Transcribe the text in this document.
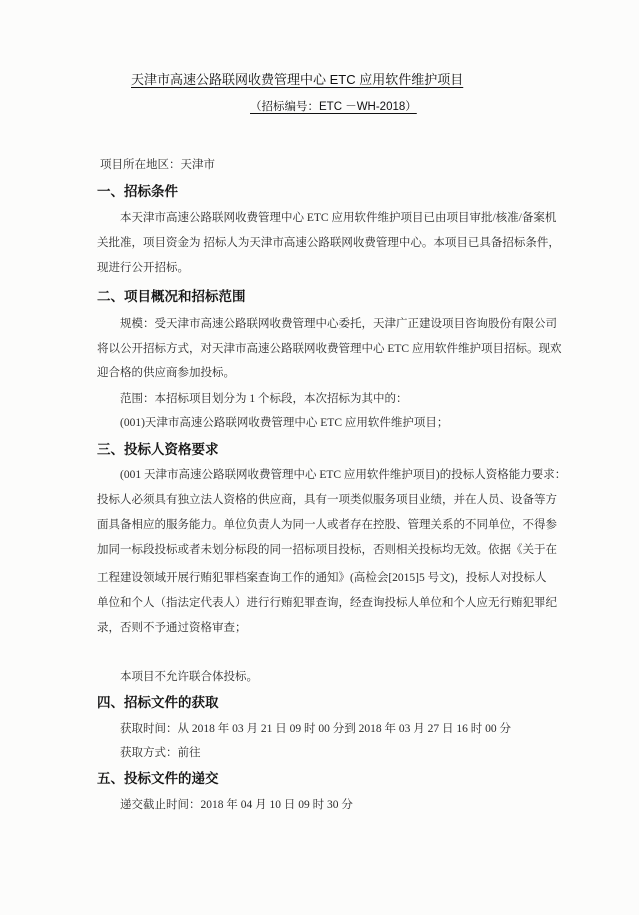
天津市高速公路联网收费管理中心 ETC 应用软件维护项目
（招标编号：ETC －WH-2018）
项目所在地区：天津市
一、招标条件
本天津市高速公路联网收费管理中心 ETC 应用软件维护项目已由项目审批/核准/备案机
关批准，项目资金为 招标人为天津市高速公路联网收费管理中心。本项目已具备招标条件，
现进行公开招标。
二、项目概况和招标范围
规模：受天津市高速公路联网收费管理中心委托，天津广正建设项目咨询股份有限公司
将以公开招标方式，对天津市高速公路联网收费管理中心 ETC 应用软件维护项目招标。现欢
迎合格的供应商参加投标。
范围：本招标项目划分为 1 个标段，本次招标为其中的：
(001)天津市高速公路联网收费管理中心 ETC 应用软件维护项目；
三、投标人资格要求
(001 天津市高速公路联网收费管理中心 ETC 应用软件维护项目)的投标人资格能力要求：
投标人必须具有独立法人资格的供应商，具有一项类似服务项目业绩，并在人员、设备等方
面具备相应的服务能力。单位负责人为同一人或者存在控股、管理关系的不同单位，不得参
加同一标段投标或者未划分标段的同一招标项目投标，否则相关投标均无效。依据《关于在
工程建设领域开展行贿犯罪档案查询工作的通知》(高检会[2015]5 号文)，投标人对投标人
单位和个人（指法定代表人）进行行贿犯罪查询，经查询投标人单位和个人应无行贿犯罪纪
录，否则不予通过资格审查；
本项目不允许联合体投标。
四、招标文件的获取
获取时间：从 2018 年 03 月 21 日 09 时 00 分到 2018 年 03 月 27 日 16 时 00 分
获取方式：前往
五、投标文件的递交
递交截止时间：2018 年 04 月 10 日 09 时 30 分
